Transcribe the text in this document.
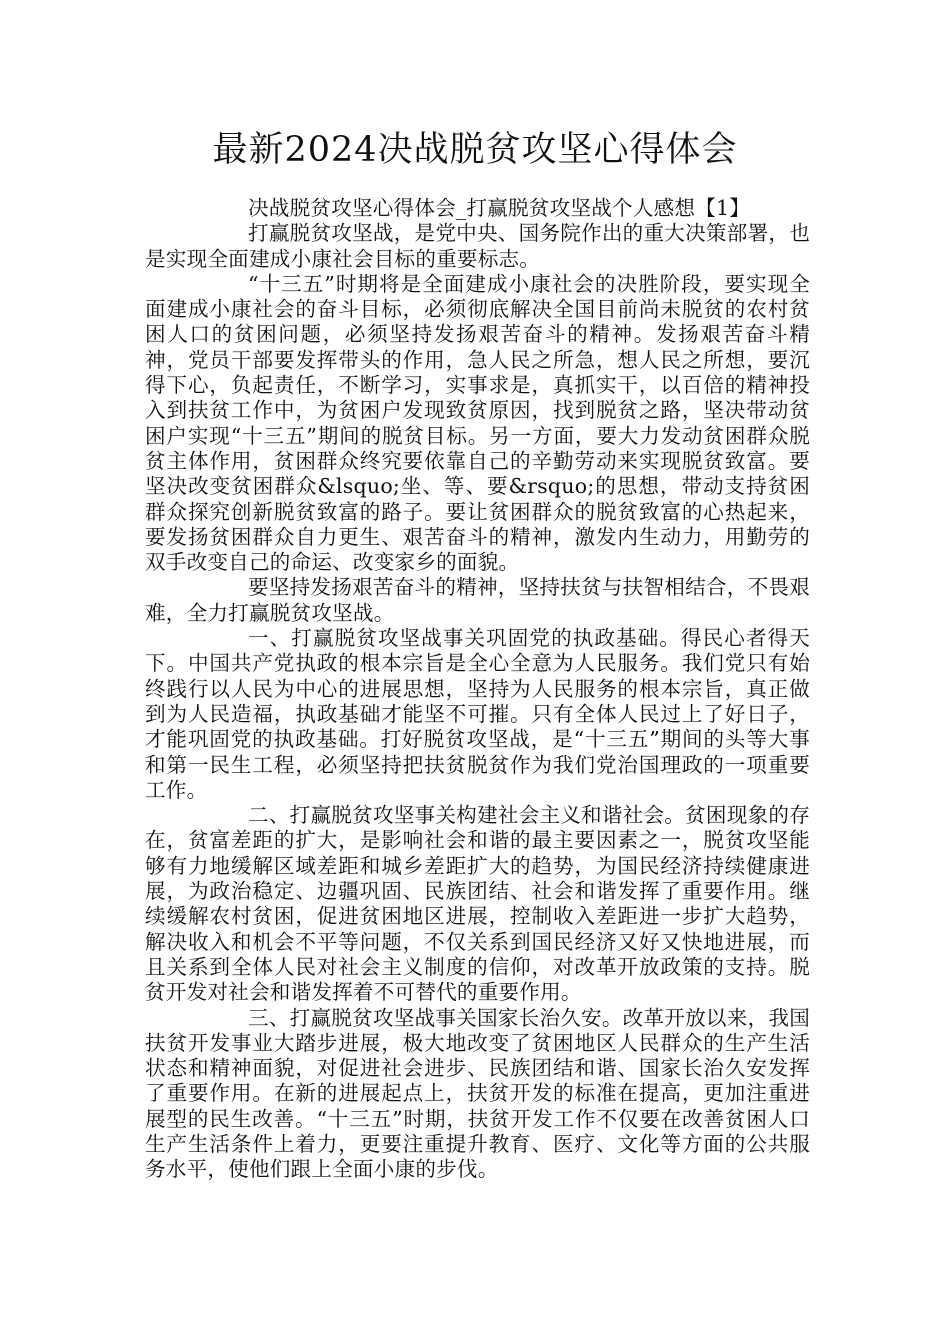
最新2024决战脱贫攻坚心得体会

决战脱贫攻坚心得体会_打赢脱贫攻坚战个人感想【1】

打赢脱贫攻坚战，是党中央、国务院作出的重大决策部署，也是实现全面建成小康社会目标的重要标志。

“十三五”时期将是全面建成小康社会的决胜阶段，要实现全面建成小康社会的奋斗目标，必须彻底解决全国目前尚未脱贫的农村贫困人口的贫困问题，必须坚持发扬艰苦奋斗的精神。发扬艰苦奋斗精神，党员干部要发挥带头的作用，急人民之所急，想人民之所想，要沉得下心，负起责任，不断学习，实事求是，真抓实干，以百倍的精神投入到扶贫工作中，为贫困户发现致贫原因，找到脱贫之路，坚决带动贫困户实现“十三五”期间的脱贫目标。另一方面，要大力发动贫困群众脱贫主体作用，贫困群众终究要依靠自己的辛勤劳动来实现脱贫致富。要坚决改变贫困群众&lsquo;坐、等、要&rsquo;的思想，带动支持贫困群众探究创新脱贫致富的路子。要让贫困群众的脱贫致富的心热起来，要发扬贫困群众自力更生、艰苦奋斗的精神，激发内生动力，用勤劳的双手改变自己的命运、改变家乡的面貌。

要坚持发扬艰苦奋斗的精神，坚持扶贫与扶智相结合，不畏艰难，全力打赢脱贫攻坚战。

一、打赢脱贫攻坚战事关巩固党的执政基础。得民心者得天下。中国共产党执政的根本宗旨是全心全意为人民服务。我们党只有始终践行以人民为中心的进展思想，坚持为人民服务的根本宗旨，真正做到为人民造福，执政基础才能坚不可摧。只有全体人民过上了好日子，才能巩固党的执政基础。打好脱贫攻坚战，是“十三五”期间的头等大事和第一民生工程，必须坚持把扶贫脱贫作为我们党治国理政的一项重要工作。

二、打赢脱贫攻坚事关构建社会主义和谐社会。贫困现象的存在，贫富差距的扩大，是影响社会和谐的最主要因素之一，脱贫攻坚能够有力地缓解区域差距和城乡差距扩大的趋势，为国民经济持续健康进展，为政治稳定、边疆巩固、民族团结、社会和谐发挥了重要作用。继续缓解农村贫困，促进贫困地区进展，控制收入差距进一步扩大趋势，解决收入和机会不平等问题，不仅关系到国民经济又好又快地进展，而且关系到全体人民对社会主义制度的信仰，对改革开放政策的支持。脱贫开发对社会和谐发挥着不可替代的重要作用。

三、打赢脱贫攻坚战事关国家长治久安。改革开放以来，我国扶贫开发事业大踏步进展，极大地改变了贫困地区人民群众的生产生活状态和精神面貌，对促进社会进步、民族团结和谐、国家长治久安发挥了重要作用。在新的进展起点上，扶贫开发的标准在提高，更加注重进展型的民生改善。“十三五”时期，扶贫开发工作不仅要在改善贫困人口生产生活条件上着力，更要注重提升教育、医疗、文化等方面的公共服务水平，使他们跟上全面小康的步伐。
